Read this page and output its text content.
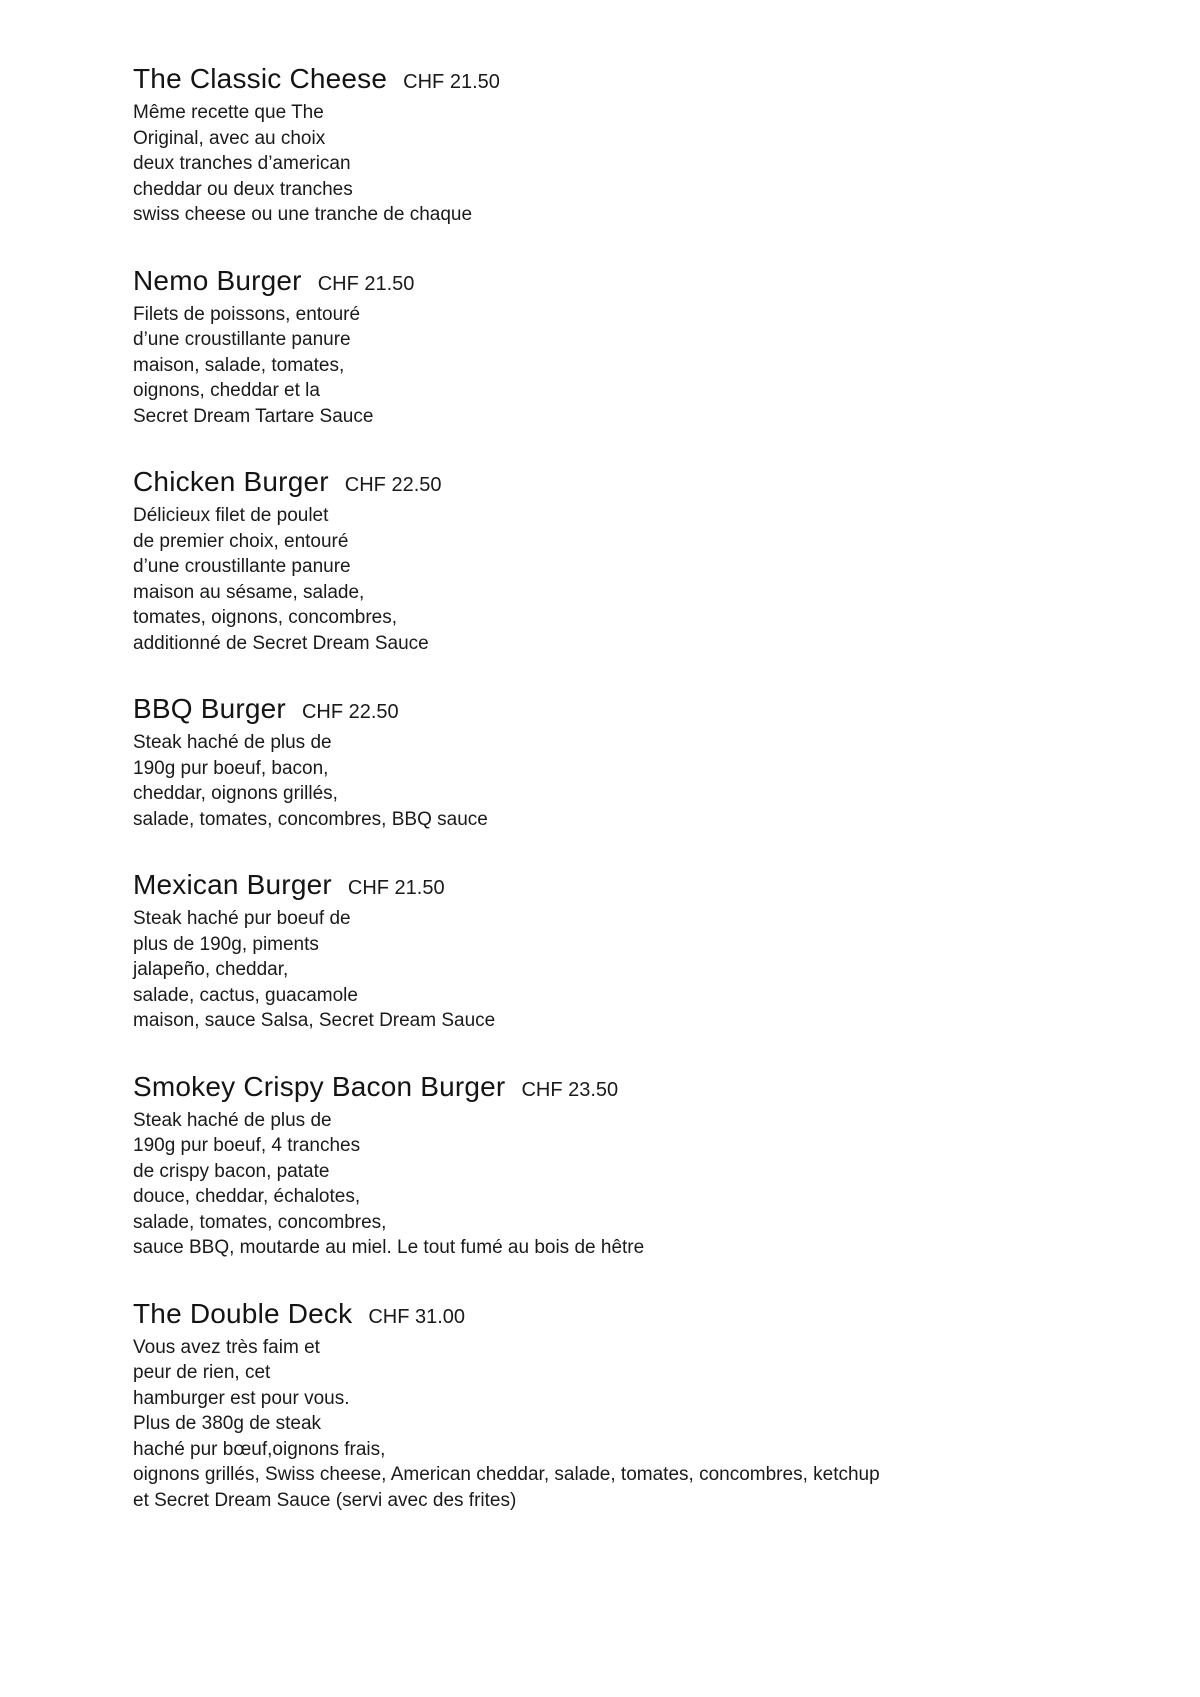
The Classic Cheese CHF 21.50
Même recette que The
Original, avec au choix
deux tranches d’american
cheddar ou deux tranches
swiss cheese ou une tranche de chaque
Nemo Burger CHF 21.50
Filets de poissons, entouré
d’une croustillante panure
maison, salade, tomates,
oignons, cheddar et la
Secret Dream Tartare Sauce
Chicken Burger CHF 22.50
Délicieux filet de poulet
de premier choix, entouré
d’une croustillante panure
maison au sésame, salade,
tomates, oignons, concombres,
additionné de Secret Dream Sauce
BBQ Burger CHF 22.50
Steak haché de plus de
190g pur boeuf, bacon,
cheddar, oignons grillés,
salade, tomates, concombres, BBQ sauce
Mexican Burger CHF 21.50
Steak haché pur boeuf de
plus de 190g, piments
jalapeño, cheddar,
salade, cactus, guacamole
maison, sauce Salsa, Secret Dream Sauce
Smokey Crispy Bacon Burger CHF 23.50
Steak haché de plus de
190g pur boeuf, 4 tranches
de crispy bacon, patate
douce, cheddar, échalotes,
salade, tomates, concombres,
sauce BBQ, moutarde au miel. Le tout fumé au bois de hêtre
The Double Deck CHF 31.00
Vous avez très faim et
peur de rien, cet
hamburger est pour vous.
Plus de 380g de steak
haché pur bœuf,oignons frais,
oignons grillés, Swiss cheese, American cheddar, salade, tomates, concombres, ketchup
et Secret Dream Sauce (servi avec des frites)
